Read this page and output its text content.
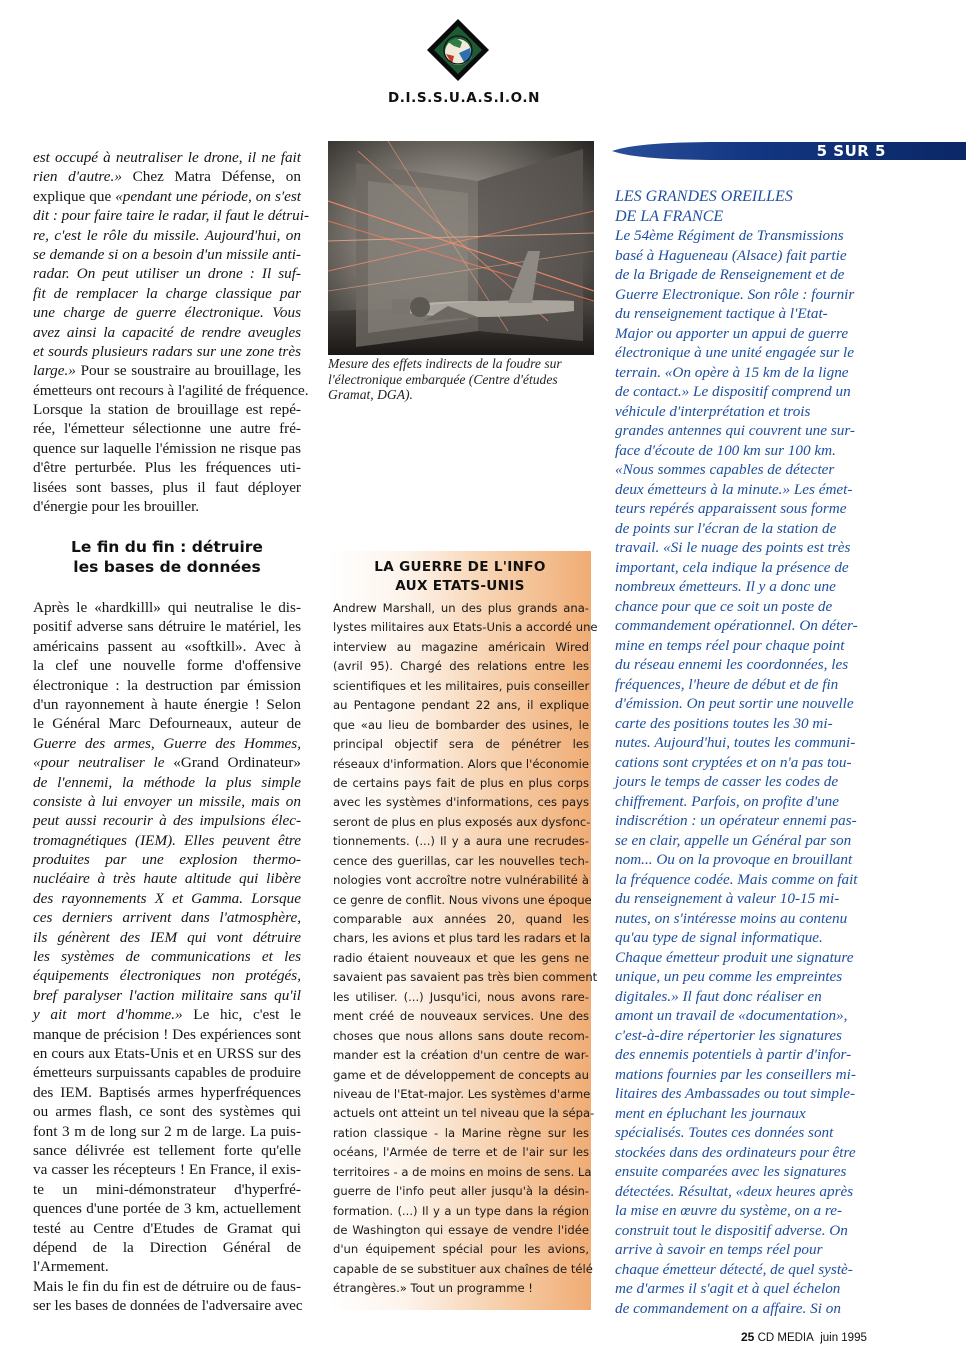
D.I.S.S.U.A.S.I.O.N
5 SUR 5
est occupé à neutraliser le drone, il ne fait
rien d'autre.» Chez Matra Défense, on
explique que «pendant une période, on s'est
dit : pour faire taire le radar, il faut le détrui-
re, c'est le rôle du missile. Aujourd'hui, on
se demande si on a besoin d'un missile anti-
radar. On peut utiliser un drone : Il suf-
fit de remplacer la charge classique par
une charge de guerre électronique. Vous
avez ainsi la capacité de rendre aveugles
et sourds plusieurs radars sur une zone très
large.» Pour se soustraire au brouillage, les
émetteurs ont recours à l'agilité de fréquence.
Lorsque la station de brouillage est repé-
rée, l'émetteur sélectionne une autre fré-
quence sur laquelle l'émission ne risque pas
d'être perturbée. Plus les fréquences uti-
lisées sont basses, plus il faut déployer
d'énergie pour les brouiller.
Le fin du fin : détruire
les bases de données
Après le «hardkilll» qui neutralise le dis-
positif adverse sans détruire le matériel, les
américains passent au «softkill». Avec à
la clef une nouvelle forme d'offensive
électronique : la destruction par émission
d'un rayonnement à haute énergie ! Selon
le Général Marc Defourneaux, auteur de
Guerre des armes, Guerre des Hommes,
«pour neutraliser le «Grand Ordinateur»
de l'ennemi, la méthode la plus simple
consiste à lui envoyer un missile, mais on
peut aussi recourir à des impulsions élec-
tromagnétiques (IEM). Elles peuvent être
produites par une explosion thermo-
nucléaire à très haute altitude qui libère
des rayonnements X et Gamma. Lorsque
ces derniers arrivent dans l'atmosphère,
ils génèrent des IEM qui vont détruire
les systèmes de communications et les
équipements électroniques non protégés,
bref paralyser l'action militaire sans qu'il
y ait mort d'homme.» Le hic, c'est le
manque de précision ! Des expériences sont
en cours aux Etats-Unis et en URSS sur des
émetteurs surpuissants capables de produire
des IEM. Baptisés armes hyperfréquences
ou armes flash, ce sont des systèmes qui
font 3 m de long sur 2 m de large. La puis-
sance délivrée est tellement forte qu'elle
va casser les récepteurs ! En France, il exis-
te un mini-démonstrateur d'hyperfré-
quences d'une portée de 3 km, actuellement
testé au Centre d'Etudes de Gramat qui
dépend de la Direction Général de
l'Armement.
Mais le fin du fin est de détruire ou de faus-
ser les bases de données de l'adversaire avec
Mesure des effets indirects de la foudre sur
l'électronique embarquée (Centre d'études
Gramat, DGA).
LA GUERRE DE L'INFO
AUX ETATS-UNIS
Andrew Marshall, un des plus grands ana-
lystes militaires aux Etats-Unis a accordé une
interview au magazine américain Wired
(avril 95). Chargé des relations entre les
scientifiques et les militaires, puis conseiller
au Pentagone pendant 22 ans, il explique
que «au lieu de bombarder des usines, le
principal objectif sera de pénétrer les
réseaux d'information. Alors que l'économie
de certains pays fait de plus en plus corps
avec les systèmes d'informations, ces pays
seront de plus en plus exposés aux dysfonc-
tionnements. (...) Il y a aura une recrudes-
cence des guerillas, car les nouvelles tech-
nologies vont accroître notre vulnérabilité à
ce genre de conflit. Nous vivons une époque
comparable aux années 20, quand les
chars, les avions et plus tard les radars et la
radio étaient nouveaux et que les gens ne
savaient pas savaient pas très bien comment
les utiliser. (...) Jusqu'ici, nous avons rare-
ment créé de nouveaux services. Une des
choses que nous allons sans doute recom-
mander est la création d'un centre de war-
game et de développement de concepts au
niveau de l'Etat-major. Les systèmes d'arme
actuels ont atteint un tel niveau que la sépa-
ration classique - la Marine règne sur les
océans, l'Armée de terre et de l'air sur les
territoires - a de moins en moins de sens. La
guerre de l'info peut aller jusqu'à la désin-
formation. (...) Il y a un type dans la région
de Washington qui essaye de vendre l'idée
d'un équipement spécial pour les avions,
capable de se substituer aux chaînes de télé
étrangères.» Tout un programme !
LES GRANDES OREILLES
DE LA FRANCE
Le 54ème Régiment de Transmissions
basé à Hagueneau (Alsace) fait partie
de la Brigade de Renseignement et de
Guerre Electronique. Son rôle : fournir
du renseignement tactique à l'Etat-
Major ou apporter un appui de guerre
électronique à une unité engagée sur le
terrain. «On opère à 15 km de la ligne
de contact.» Le dispositif comprend un
véhicule d'interprétation et trois
grandes antennes qui couvrent une sur-
face d'écoute de 100 km sur 100 km.
«Nous sommes capables de détecter
deux émetteurs à la minute.» Les émet-
teurs repérés apparaissent sous forme
de points sur l'écran de la station de
travail. «Si le nuage des points est très
important, cela indique la présence de
nombreux émetteurs. Il y a donc une
chance pour que ce soit un poste de
commandement opérationnel. On déter-
mine en temps réel pour chaque point
du réseau ennemi les coordonnées, les
fréquences, l'heure de début et de fin
d'émission. On peut sortir une nouvelle
carte des positions toutes les 30 mi-
nutes. Aujourd'hui, toutes les communi-
cations sont cryptées et on n'a pas tou-
jours le temps de casser les codes de
chiffrement. Parfois, on profite d'une
indiscrétion : un opérateur ennemi pas-
se en clair, appelle un Général par son
nom... Ou on la provoque en brouillant
la fréquence codée. Mais comme on fait
du renseignement à valeur 10-15 mi-
nutes, on s'intéresse moins au contenu
qu'au type de signal informatique.
Chaque émetteur produit une signature
unique, un peu comme les empreintes
digitales.» Il faut donc réaliser en
amont un travail de «documentation»,
c'est-à-dire répertorier les signatures
des ennemis potentiels à partir d'infor-
mations fournies par les conseillers mi-
litaires des Ambassades ou tout simple-
ment en épluchant les journaux
spécialisés. Toutes ces données sont
stockées dans des ordinateurs pour être
ensuite comparées avec les signatures
détectées. Résultat, «deux heures après
la mise en œuvre du système, on a re-
construit tout le dispositif adverse. On
arrive à savoir en temps réel pour
chaque émetteur détecté, de quel systè-
me d'armes il s'agit et à quel échelon
de commandement on a affaire. Si on
25 CD MEDIA juin 1995
